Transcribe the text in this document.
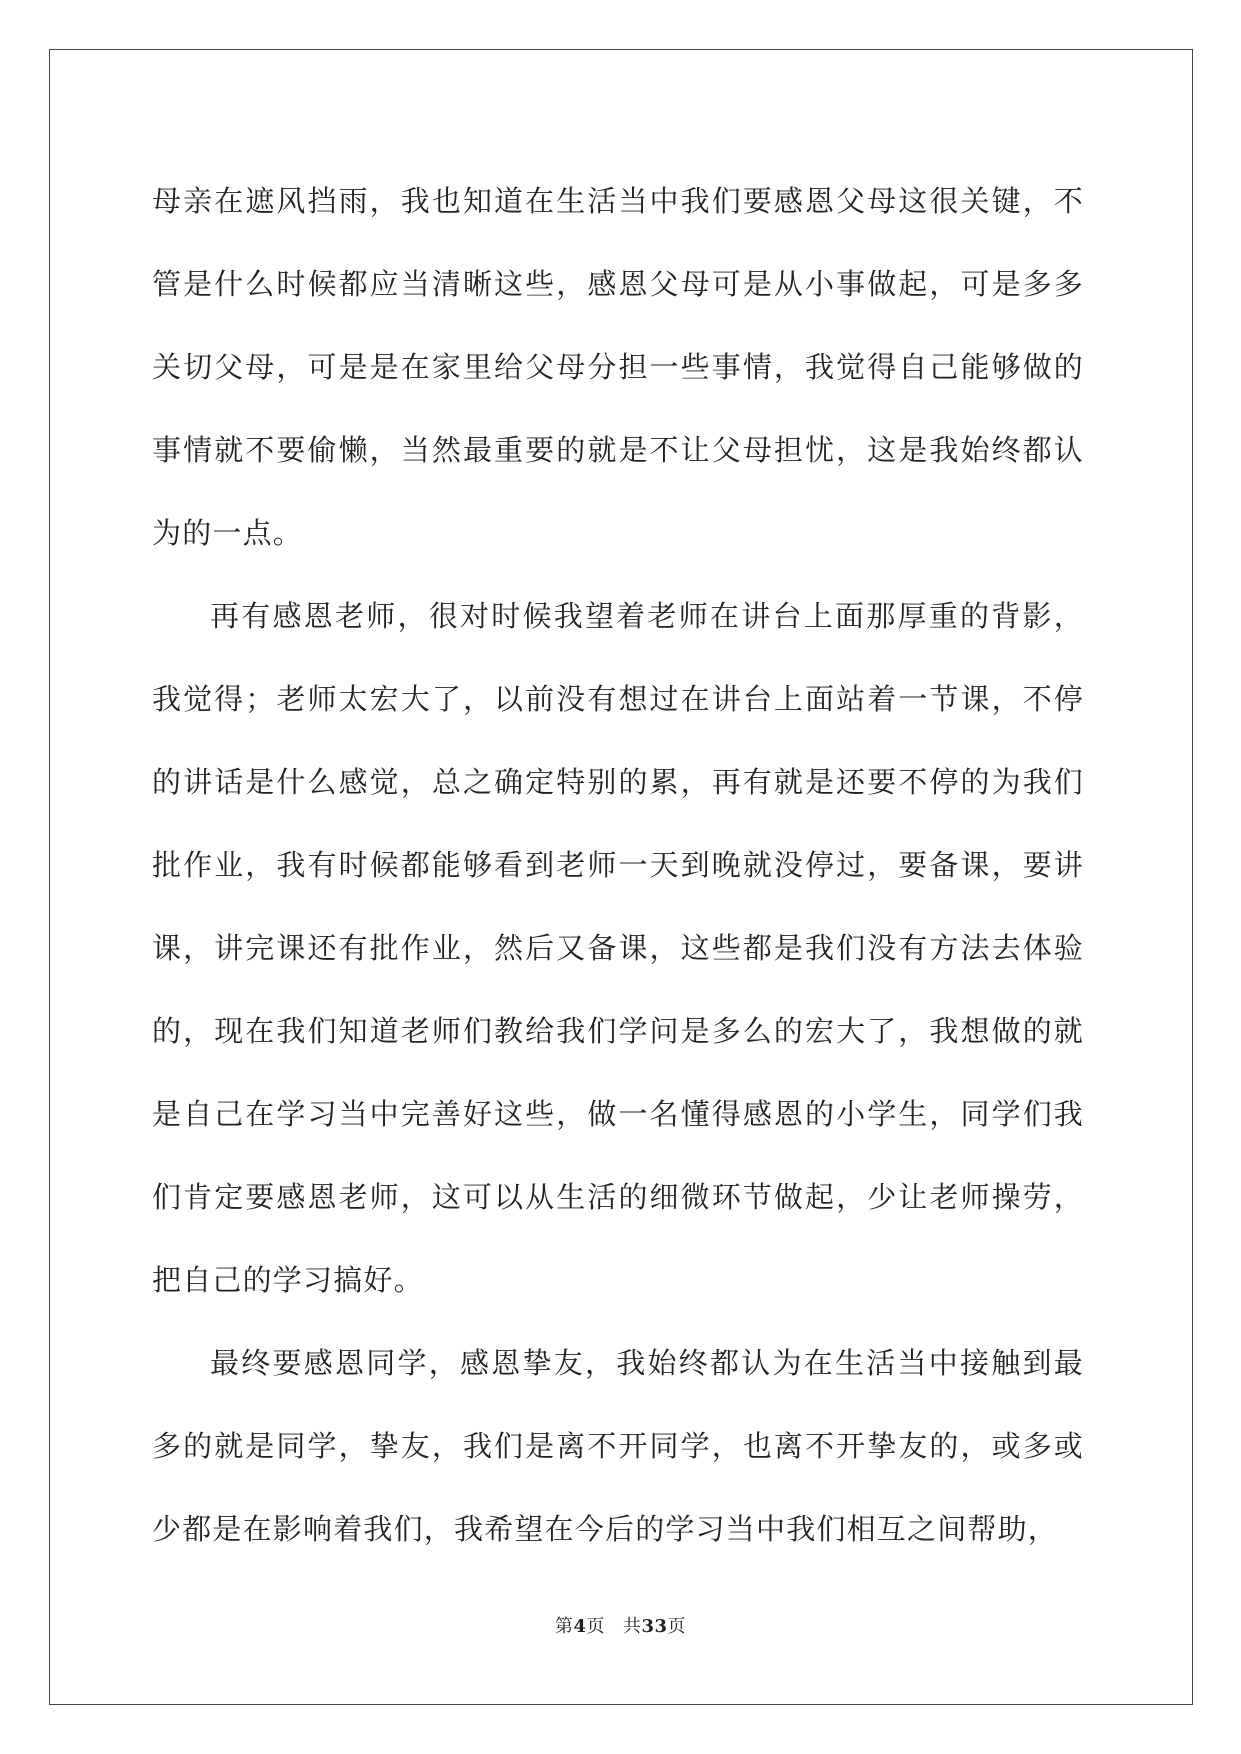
母亲在遮风挡雨，我也知道在生活当中我们要感恩父母这很关键，不管是什么时候都应当清晰这些，感恩父母可是从小事做起，可是多多关切父母，可是是在家里给父母分担一些事情，我觉得自己能够做的事情就不要偷懒，当然最重要的就是不让父母担忧，这是我始终都认为的一点。

再有感恩老师，很对时候我望着老师在讲台上面那厚重的背影，我觉得；老师太宏大了，以前没有想过在讲台上面站着一节课，不停的讲话是什么感觉，总之确定特别的累，再有就是还要不停的为我们批作业，我有时候都能够看到老师一天到晚就没停过，要备课，要讲课，讲完课还有批作业，然后又备课，这些都是我们没有方法去体验的，现在我们知道老师们教给我们学问是多么的宏大了，我想做的就是自己在学习当中完善好这些，做一名懂得感恩的小学生，同学们我们肯定要感恩老师，这可以从生活的细微环节做起，少让老师操劳，把自己的学习搞好。

最终要感恩同学，感恩挚友，我始终都认为在生活当中接触到最多的就是同学，挚友，我们是离不开同学，也离不开挚友的，或多或少都是在影响着我们，我希望在今后的学习当中我们相互之间帮助，

第4页 共33页
